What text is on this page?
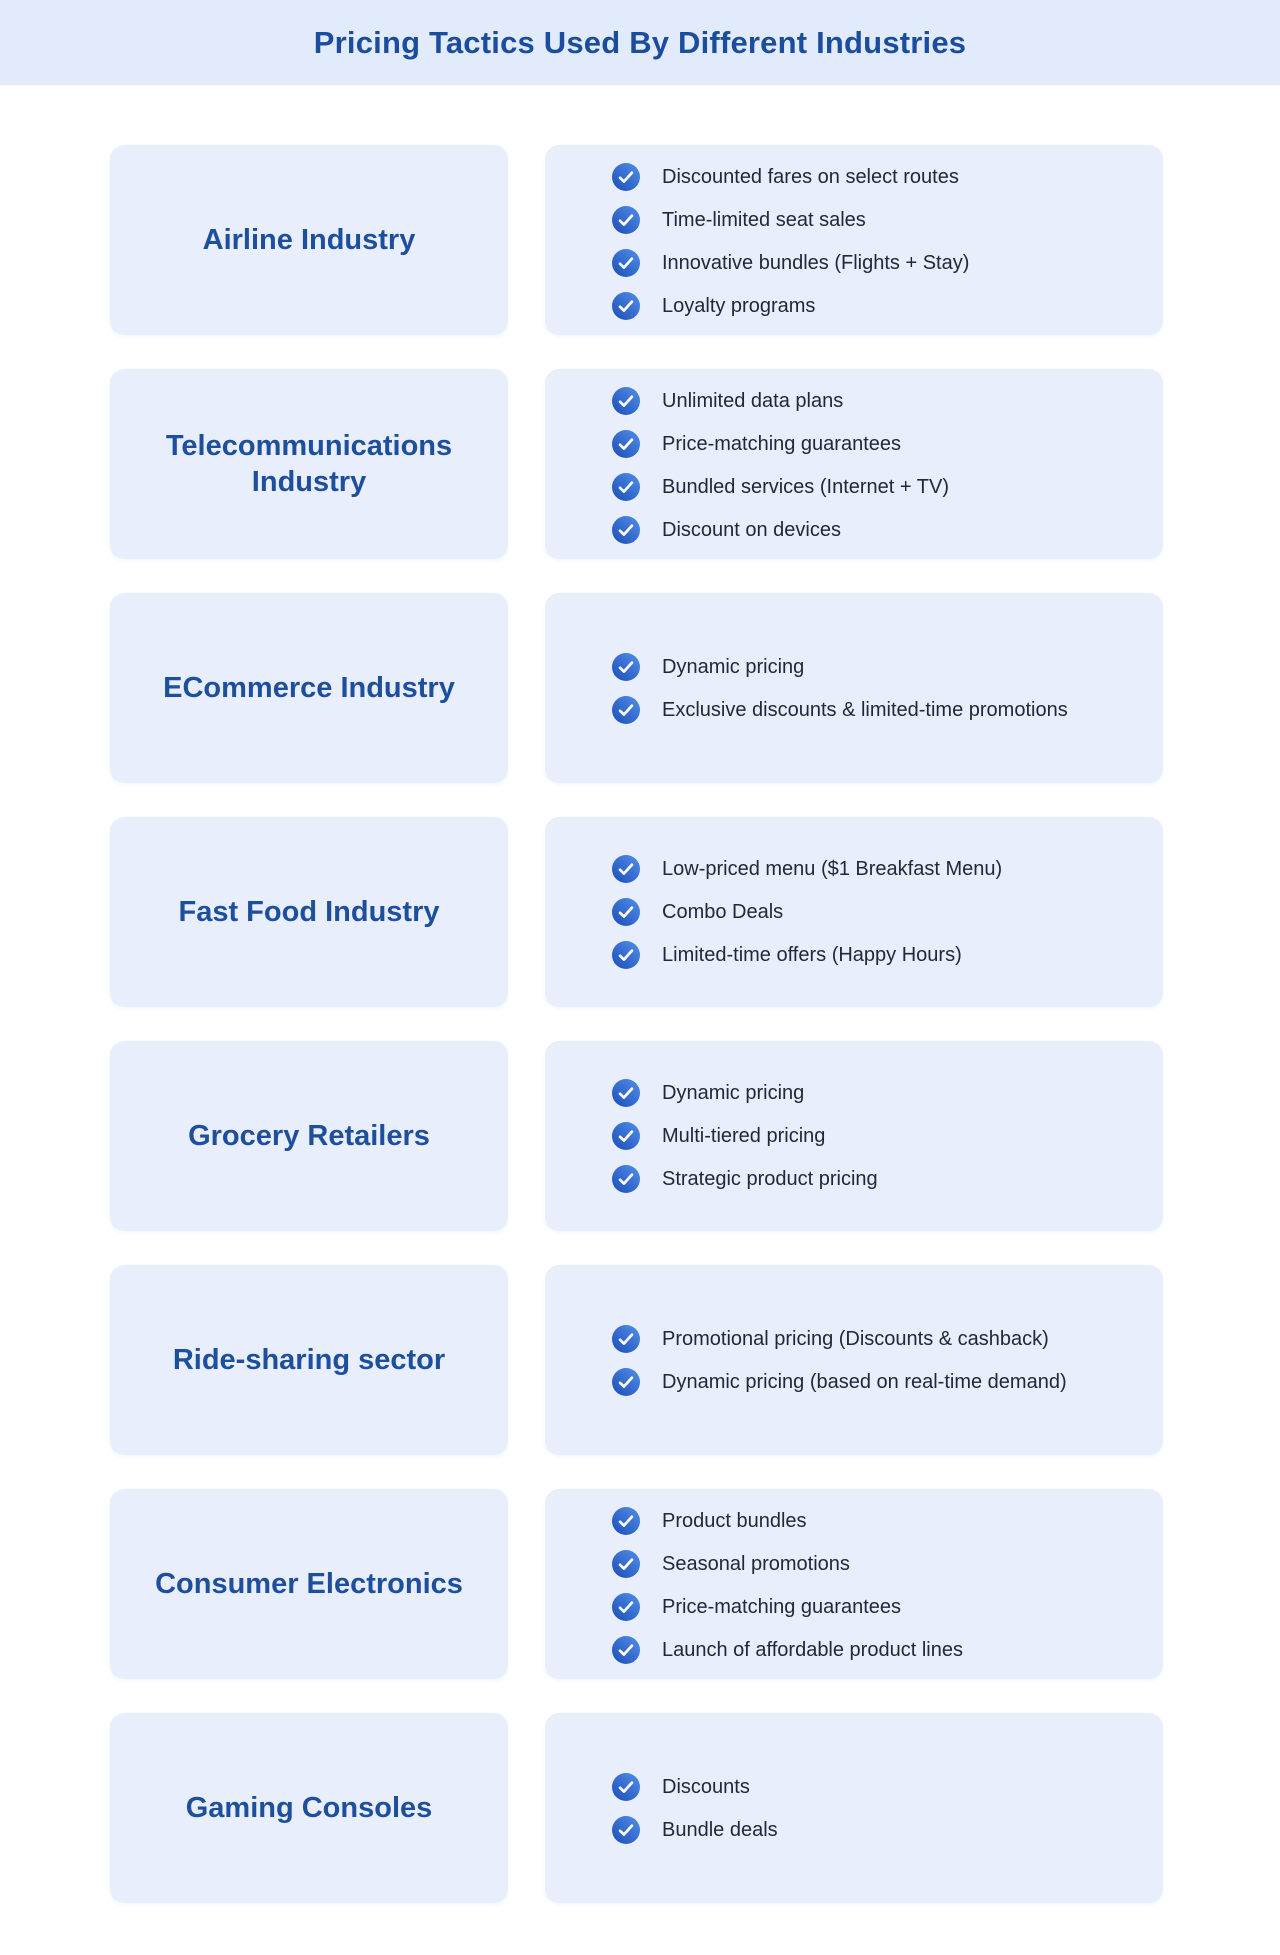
Pricing Tactics Used By Different Industries
Airline Industry
Discounted fares on select routes
Time-limited seat sales
Innovative bundles (Flights + Stay)
Loyalty programs
Telecommunications Industry
Unlimited data plans
Price-matching guarantees
Bundled services (Internet + TV)
Discount on devices
ECommerce Industry
Dynamic pricing
Exclusive discounts & limited-time promotions
Fast Food Industry
Low-priced menu ($1 Breakfast Menu)
Combo Deals
Limited-time offers (Happy Hours)
Grocery Retailers
Dynamic pricing
Multi-tiered pricing
Strategic product pricing
Ride-sharing sector
Promotional pricing (Discounts & cashback)
Dynamic pricing (based on real-time demand)
Consumer Electronics
Product bundles
Seasonal promotions
Price-matching guarantees
Launch of affordable product lines
Gaming Consoles
Discounts
Bundle deals
